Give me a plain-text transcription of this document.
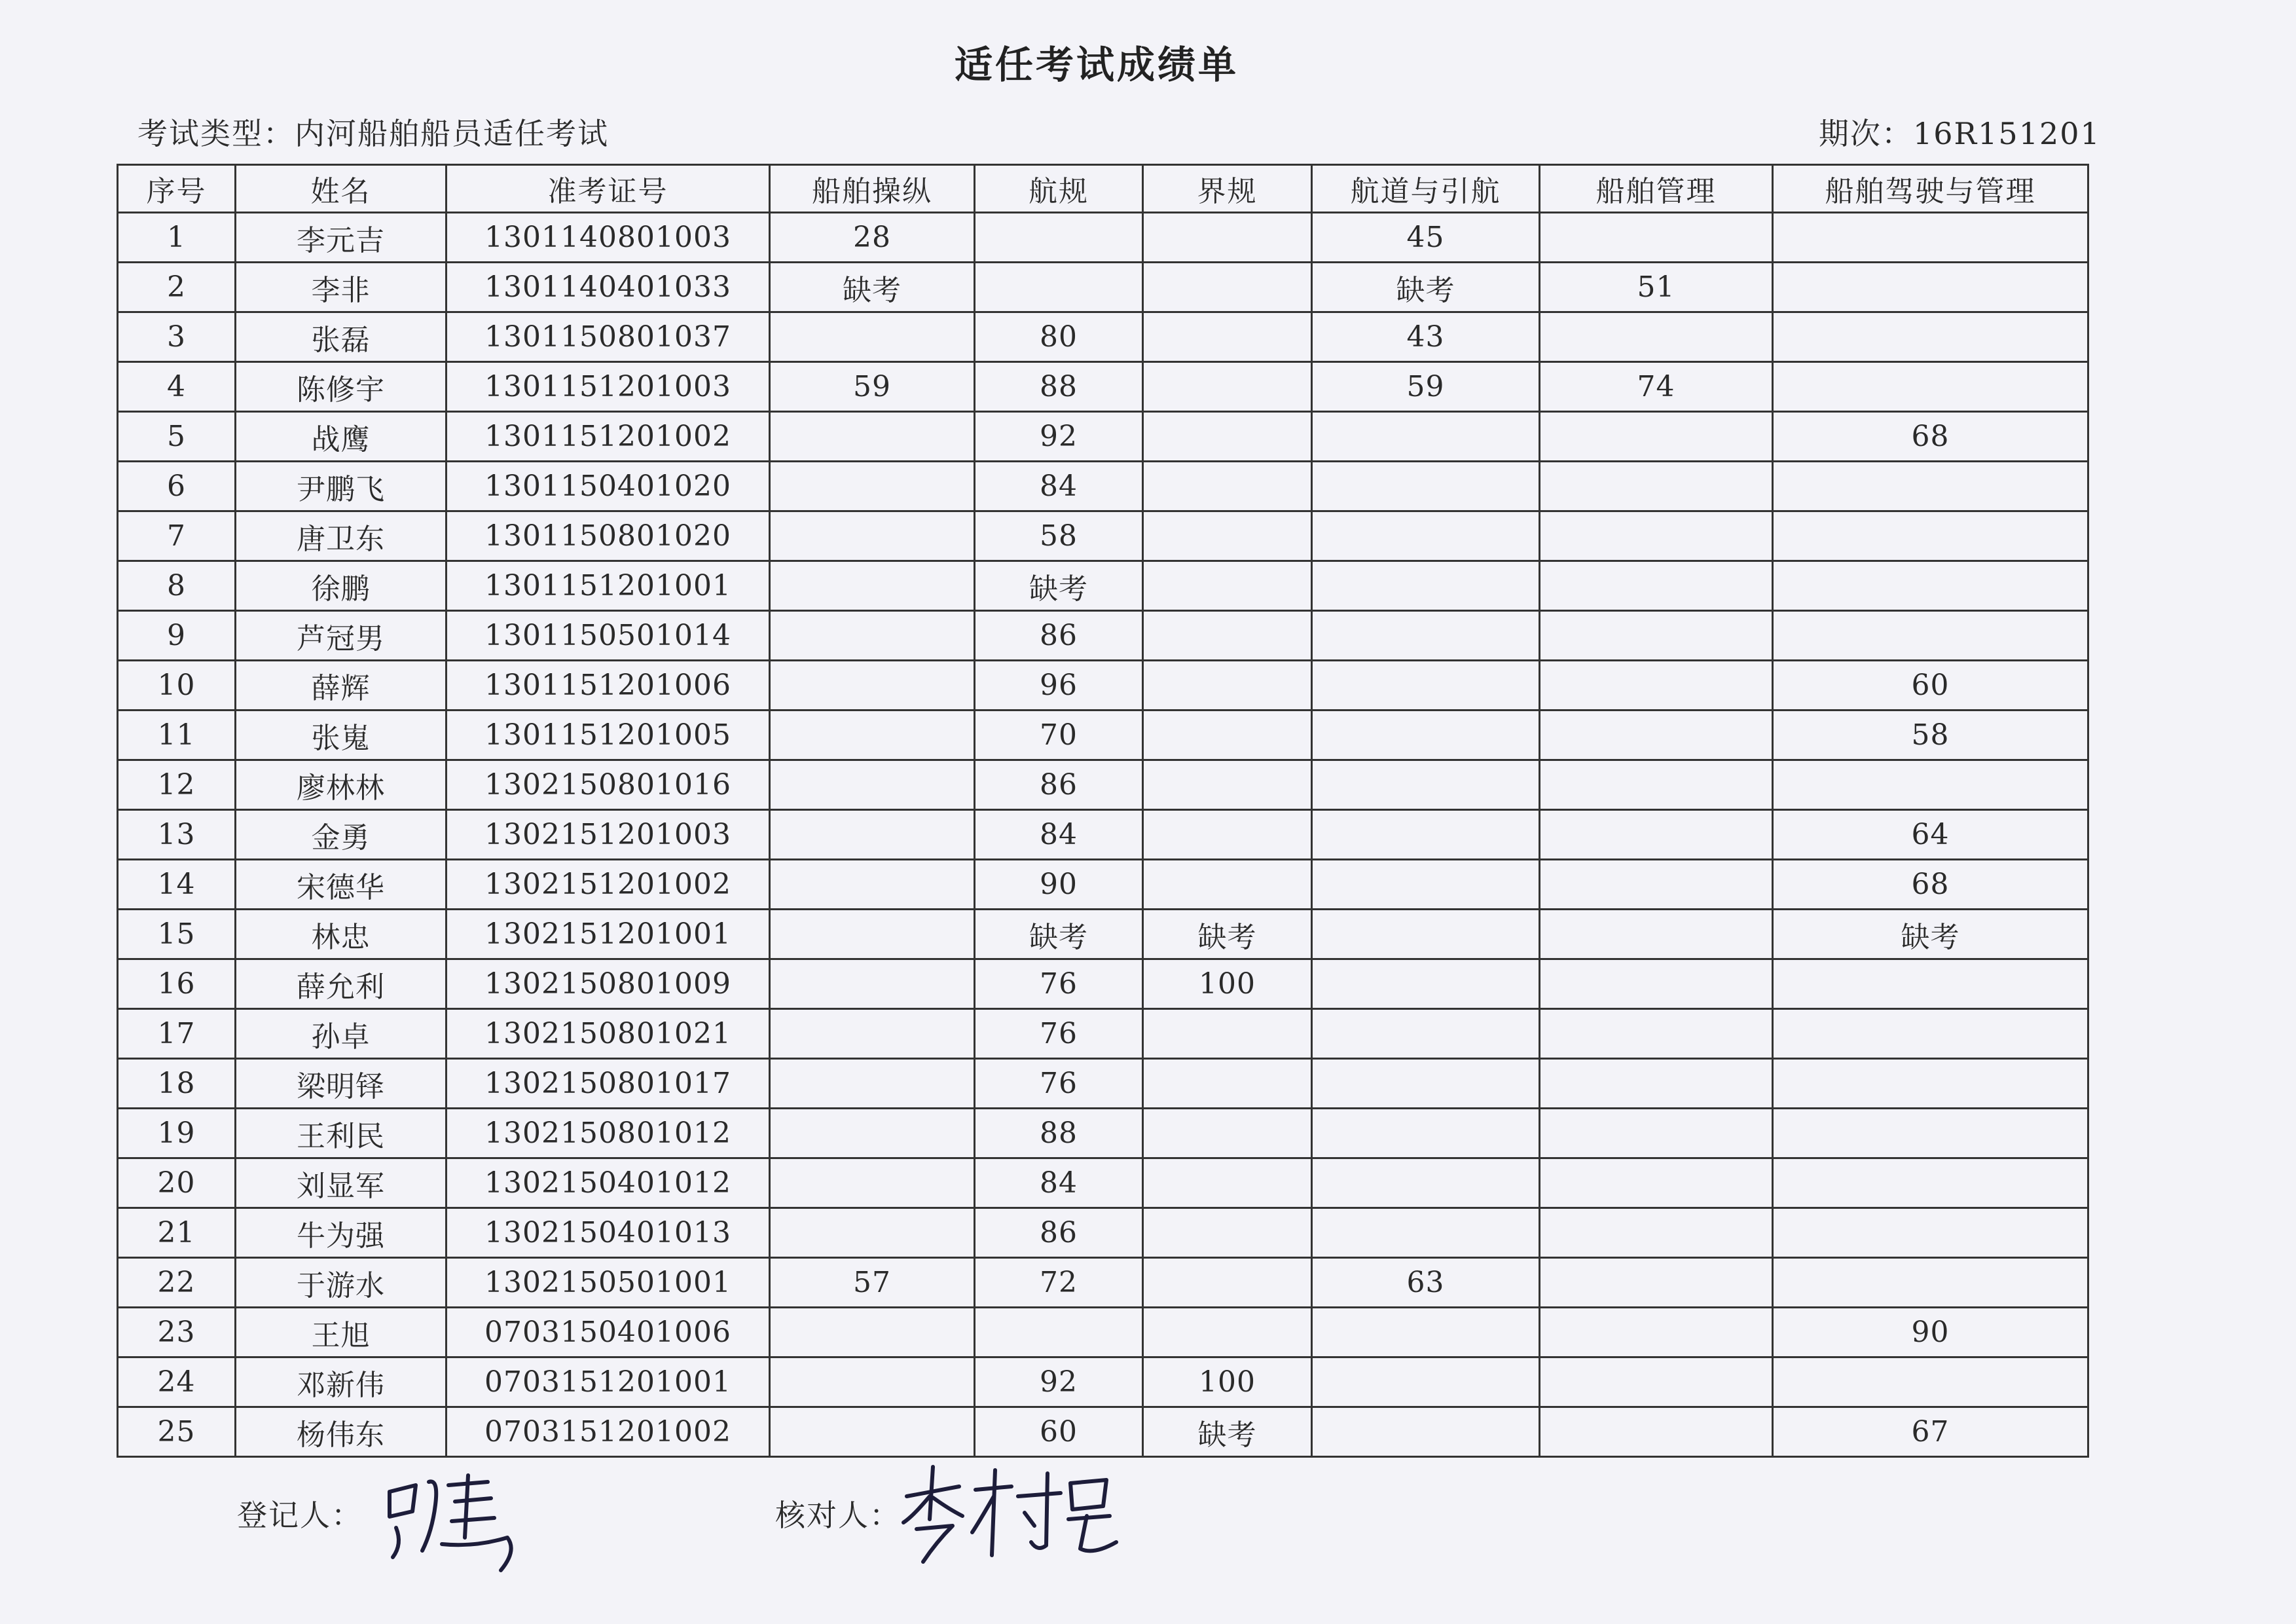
适任考试成绩单
考试类型：内河船舶船员适任考试	期次：16R151201
序号	姓名	准考证号	船舶操纵	航规	界规	航道与引航	船舶管理	船舶驾驶与管理
1	李元吉	1301140801003	28			45		
2	李非	1301140401033	缺考			缺考	51	
3	张磊	1301150801037		80		43		
4	陈修宇	1301151201003	59	88		59	74	
5	战鹰	1301151201002		92				68
6	尹鹏飞	1301150401020		84				
7	唐卫东	1301150801020		58				
8	徐鹏	1301151201001		缺考				
9	芦冠男	1301150501014		86				
10	薛辉	1301151201006		96				60
11	张嵬	1301151201005		70				58
12	廖林林	1302150801016		86				
13	金勇	1302151201003		84				64
14	宋德华	1302151201002		90				68
15	林忠	1302151201001		缺考	缺考			缺考
16	薛允利	1302150801009		76	100			
17	孙卓	1302150801021		76				
18	梁明铎	1302150801017		76				
19	王利民	1302150801012		88				
20	刘显军	1302150401012		84				
21	牛为强	1302150401013		86				
22	于游水	1302150501001	57	72		63		
23	王旭	0703150401006						90
24	邓新伟	0703151201001		92	100			
25	杨伟东	0703151201002		60	缺考			67
登记人：	核对人：
